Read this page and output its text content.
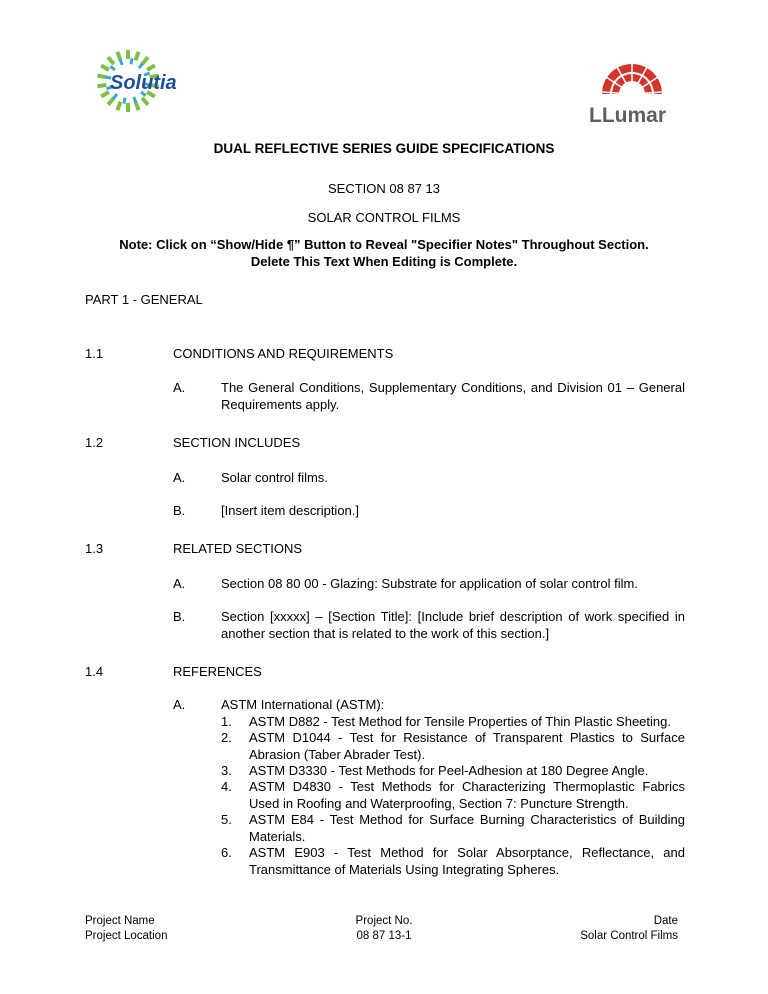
Solutia
LLumar
DUAL REFLECTIVE SERIES GUIDE SPECIFICATIONS
SECTION 08 87 13
SOLAR CONTROL FILMS
Note: Click on “Show/Hide ¶” Button to Reveal "Specifier Notes" Throughout Section.
Delete This Text When Editing is Complete.
PART 1 - GENERAL
1.1	CONDITIONS AND REQUIREMENTS
A.	The General Conditions, Supplementary Conditions, and Division 01 – General Requirements apply.
1.2	SECTION INCLUDES
A.	Solar control films.
B.	[Insert item description.]
1.3	RELATED SECTIONS
A.	Section 08 80 00 - Glazing: Substrate for application of solar control film.
B.	Section [xxxxx] – [Section Title]: [Include brief description of work specified in another section that is related to the work of this section.]
1.4	REFERENCES
A.	ASTM International (ASTM):
1.	ASTM D882 - Test Method for Tensile Properties of Thin Plastic Sheeting.
2.	ASTM D1044 - Test for Resistance of Transparent Plastics to Surface Abrasion (Taber Abrader Test).
3.	ASTM D3330 - Test Methods for Peel-Adhesion at 180 Degree Angle.
4.	ASTM D4830 - Test Methods for Characterizing Thermoplastic Fabrics Used in Roofing and Waterproofing, Section 7: Puncture Strength.
5.	ASTM E84 - Test Method for Surface Burning Characteristics of Building Materials.
6.	ASTM E903 - Test Method for Solar Absorptance, Reflectance, and Transmittance of Materials Using Integrating Spheres.
Project Name
Project Location
Project No.
08 87 13-1
Date
Solar Control Films
